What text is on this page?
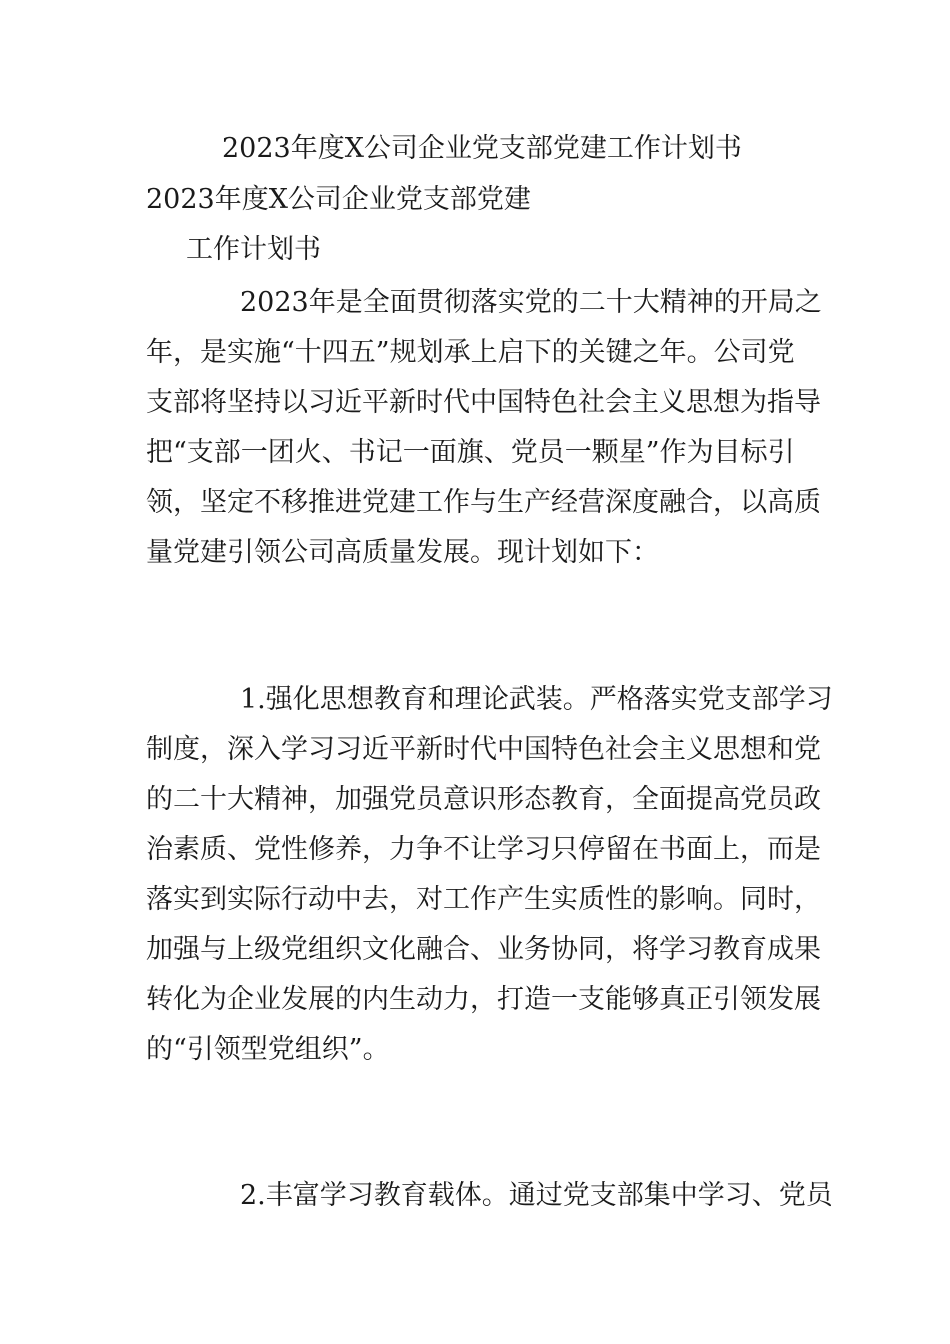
2023年度X公司企业党支部党建工作计划书
2023年度X公司企业党支部党建
工作计划书
2023年是全面贯彻落实党的二十大精神的开局之
年，是实施“十四五”规划承上启下的关键之年。公司党
支部将坚持以习近平新时代中国特色社会主义思想为指导
把“支部一团火、书记一面旗、党员一颗星”作为目标引
领，坚定不移推进党建工作与生产经营深度融合，以高质
量党建引领公司高质量发展。现计划如下：
1.强化思想教育和理论武装。严格落实党支部学习
制度，深入学习习近平新时代中国特色社会主义思想和党
的二十大精神，加强党员意识形态教育，全面提高党员政
治素质、党性修养，力争不让学习只停留在书面上，而是
落实到实际行动中去，对工作产生实质性的影响。同时，
加强与上级党组织文化融合、业务协同，将学习教育成果
转化为企业发展的内生动力，打造一支能够真正引领发展
的“引领型党组织”。
2.丰富学习教育载体。通过党支部集中学习、党员
